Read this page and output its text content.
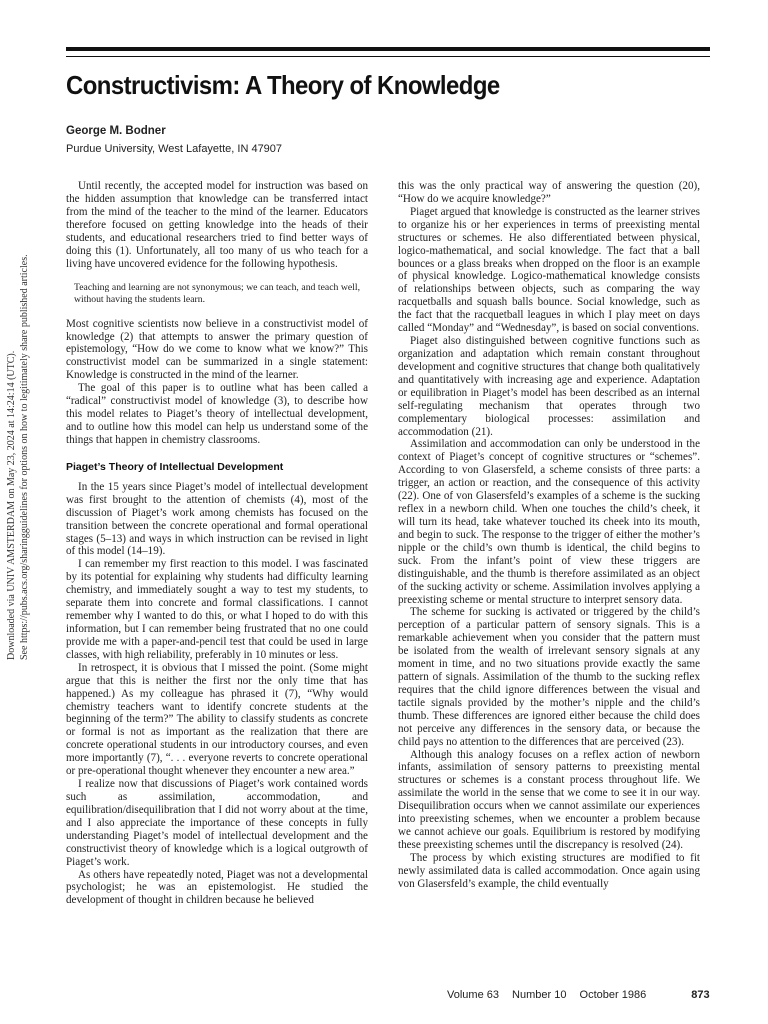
Constructivism: A Theory of Knowledge
George M. Bodner
Purdue University, West Lafayette, IN 47907
Downloaded via UNIV AMSTERDAM on May 23, 2024 at 14:24:14 (UTC). See https://pubs.acs.org/sharingguidelines for options on how to legitimately share published articles.

Until recently, the accepted model for instruction was based on the hidden assumption that knowledge can be transferred intact from the mind of the teacher to the mind of the learner. Educators therefore focused on getting knowledge into the heads of their students, and educational researchers tried to find better ways of doing this (1). Unfortunately, all too many of us who teach for a living have uncovered evidence for the following hypothesis.

Teaching and learning are not synonymous; we can teach, and teach well, without having the students learn.

Most cognitive scientists now believe in a constructivist model of knowledge (2) that attempts to answer the primary question of epistemology, “How do we come to know what we know?” This constructivist model can be summarized in a single statement: Knowledge is constructed in the mind of the learner.

The goal of this paper is to outline what has been called a “radical” constructivist model of knowledge (3), to describe how this model relates to Piaget’s theory of intellectual development, and to outline how this model can help us understand some of the things that happen in chemistry classrooms.

Piaget’s Theory of Intellectual Development

In the 15 years since Piaget’s model of intellectual development was first brought to the attention of chemists (4), most of the discussion of Piaget’s work among chemists has focused on the transition between the concrete operational and formal operational stages (5–13) and ways in which instruction can be revised in light of this model (14–19).

I can remember my first reaction to this model. I was fascinated by its potential for explaining why students had difficulty learning chemistry, and immediately sought a way to test my students, to separate them into concrete and formal classifications. I cannot remember why I wanted to do this, or what I hoped to do with this information, but I can remember being frustrated that no one could provide me with a paper-and-pencil test that could be used in large classes, with high reliability, preferably in 10 minutes or less.

In retrospect, it is obvious that I missed the point. (Some might argue that this is neither the first nor the only time that has happened.) As my colleague has phrased it (7), “Why would chemistry teachers want to identify concrete students at the beginning of the term?” The ability to classify students as concrete or formal is not as important as the realization that there are concrete operational students in our introductory courses, and even more importantly (7), “. . . everyone reverts to concrete operational or pre-operational thought whenever they encounter a new area.”

I realize now that discussions of Piaget’s work contained words such as assimilation, accommodation, and equilibration/disequilibration that I did not worry about at the time, and I also appreciate the importance of these concepts in fully understanding Piaget’s model of intellectual development and the constructivist theory of knowledge which is a logical outgrowth of Piaget’s work.

As others have repeatedly noted, Piaget was not a developmental psychologist; he was an epistemologist. He studied the development of thought in children because he believed

this was the only practical way of answering the question (20), “How do we acquire knowledge?”

Piaget argued that knowledge is constructed as the learner strives to organize his or her experiences in terms of preexisting mental structures or schemes. He also differentiated between physical, logico-mathematical, and social knowledge. The fact that a ball bounces or a glass breaks when dropped on the floor is an example of physical knowledge. Logico-mathematical knowledge consists of relationships between objects, such as comparing the way racquetballs and squash balls bounce. Social knowledge, such as the fact that the racquetball leagues in which I play meet on days called “Monday” and “Wednesday”, is based on social conventions.

Piaget also distinguished between cognitive functions such as organization and adaptation which remain constant throughout development and cognitive structures that change both qualitatively and quantitatively with increasing age and experience. Adaptation or equilibration in Piaget’s model has been described as an internal self-regulating mechanism that operates through two complementary biological processes: assimilation and accommodation (21).

Assimilation and accommodation can only be understood in the context of Piaget’s concept of cognitive structures or “schemes”. According to von Glasersfeld, a scheme consists of three parts: a trigger, an action or reaction, and the consequence of this activity (22). One of von Glasersfeld’s examples of a scheme is the sucking reflex in a newborn child. When one touches the child’s cheek, it will turn its head, take whatever touched its cheek into its mouth, and begin to suck. The response to the trigger of either the mother’s nipple or the child’s own thumb is identical, the child begins to suck. From the infant’s point of view these triggers are distinguishable, and the thumb is therefore assimilated as an object of the sucking activity or scheme. Assimilation involves applying a preexisting scheme or mental structure to interpret sensory data.

The scheme for sucking is activated or triggered by the child’s perception of a particular pattern of sensory signals. This is a remarkable achievement when you consider that the pattern must be isolated from the wealth of irrelevant sensory signals at any moment in time, and no two situations provide exactly the same pattern of signals. Assimilation of the thumb to the sucking reflex requires that the child ignore differences between the visual and tactile signals provided by the mother’s nipple and the child’s thumb. These differences are ignored either because the child does not perceive any differences in the sensory data, or because the child pays no attention to the differences that are perceived (23).

Although this analogy focuses on a reflex action of newborn infants, assimilation of sensory patterns to preexisting mental structures or schemes is a constant process throughout life. We assimilate the world in the sense that we come to see it in our way. Disequilibration occurs when we cannot assimilate our experiences into preexisting schemes, when we encounter a problem because we cannot achieve our goals. Equilibrium is restored by modifying these preexisting schemes until the discrepancy is resolved (24).

The process by which existing structures are modified to fit newly assimilated data is called accommodation. Once again using von Glasersfeld’s example, the child eventually

Volume 63 Number 10 October 1986	873
